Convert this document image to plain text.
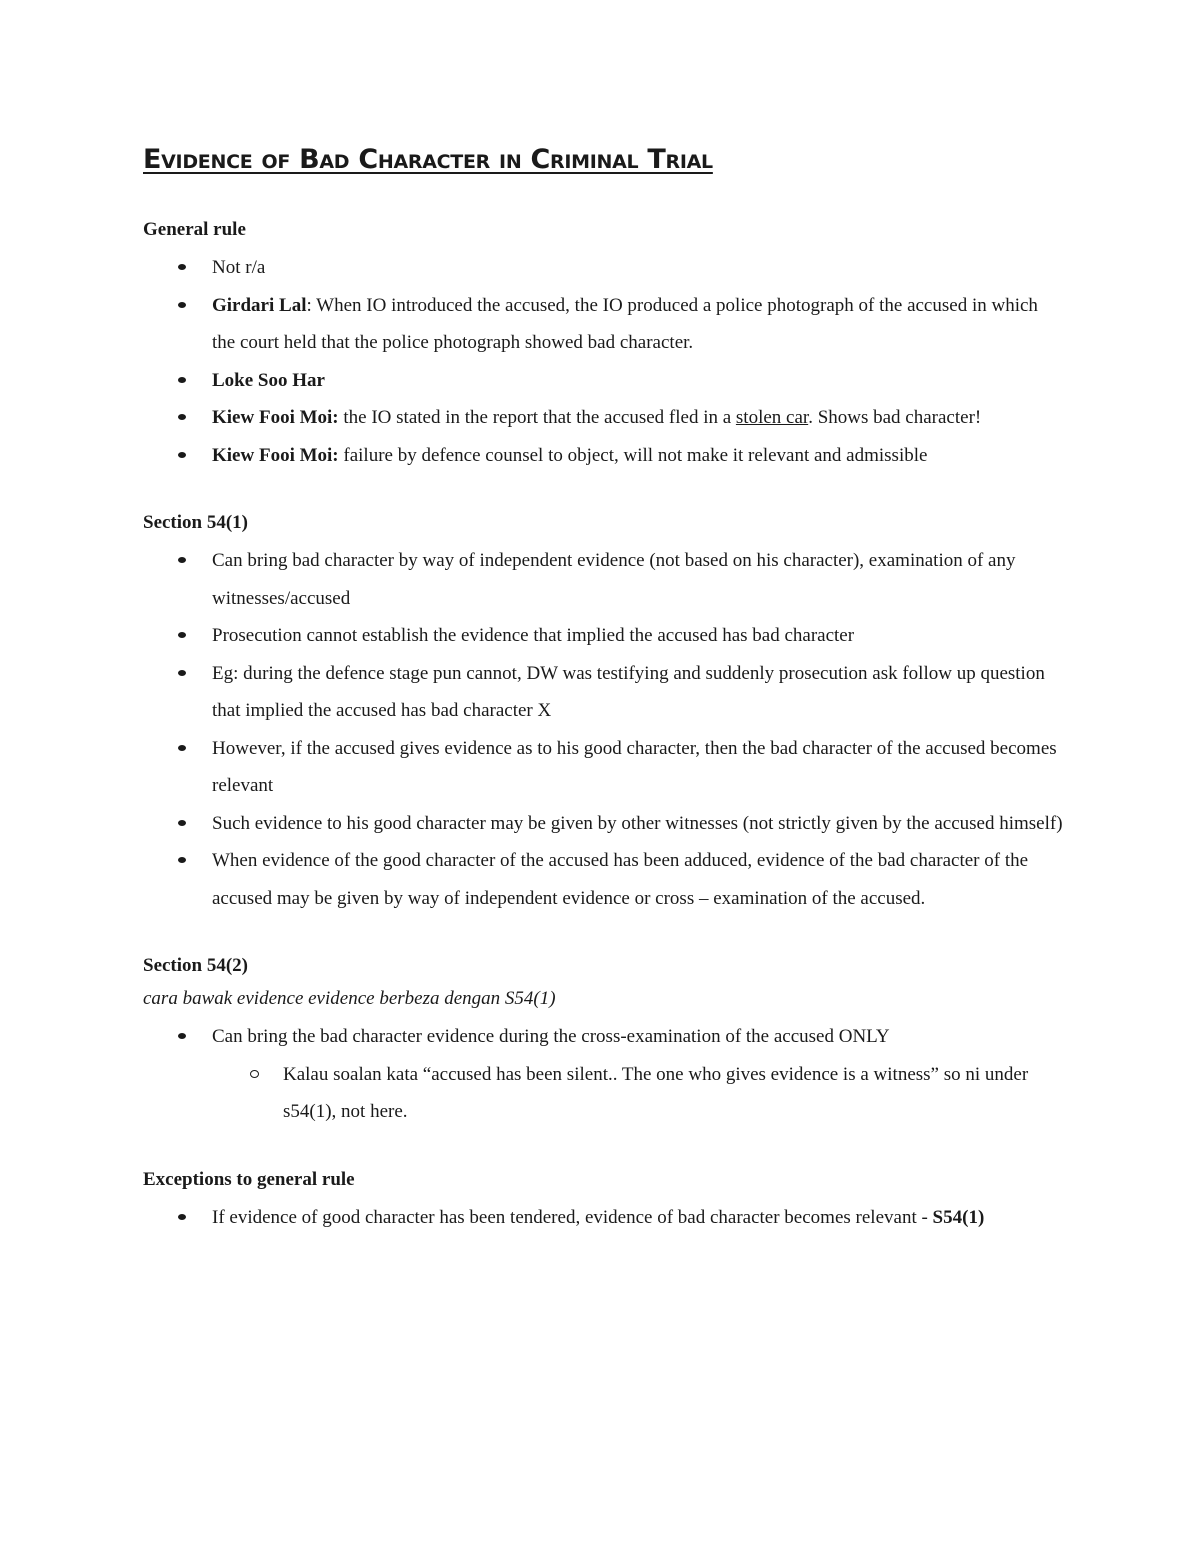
Evidence of Bad Character in Criminal Trial
General rule
Not r/a
Girdari Lal: When IO introduced the accused, the IO produced a police photograph of the accused in which the court held that the police photograph showed bad character.
Loke Soo Har
Kiew Fooi Moi: the IO stated in the report that the accused fled in a stolen car. Shows bad character!
Kiew Fooi Moi: failure by defence counsel to object, will not make it relevant and admissible
Section 54(1)
Can bring bad character by way of independent evidence (not based on his character), examination of any witnesses/accused
Prosecution cannot establish the evidence that implied the accused has bad character
Eg: during the defence stage pun cannot, DW was testifying and suddenly prosecution ask follow up question that implied the accused has bad character X
However, if the accused gives evidence as to his good character, then the bad character of the accused becomes relevant
Such evidence to his good character may be given by other witnesses (not strictly given by the accused himself)
When evidence of the good character of the accused has been adduced, evidence of the bad character of the accused may be given by way of independent evidence or cross – examination of the accused.
Section 54(2)
cara bawak evidence evidence berbeza dengan S54(1)
Can bring the bad character evidence during the cross-examination of the accused ONLY
Kalau soalan kata “accused has been silent.. The one who gives evidence is a witness” so ni under s54(1), not here.
Exceptions to general rule
If evidence of good character has been tendered, evidence of bad character becomes relevant - S54(1)
